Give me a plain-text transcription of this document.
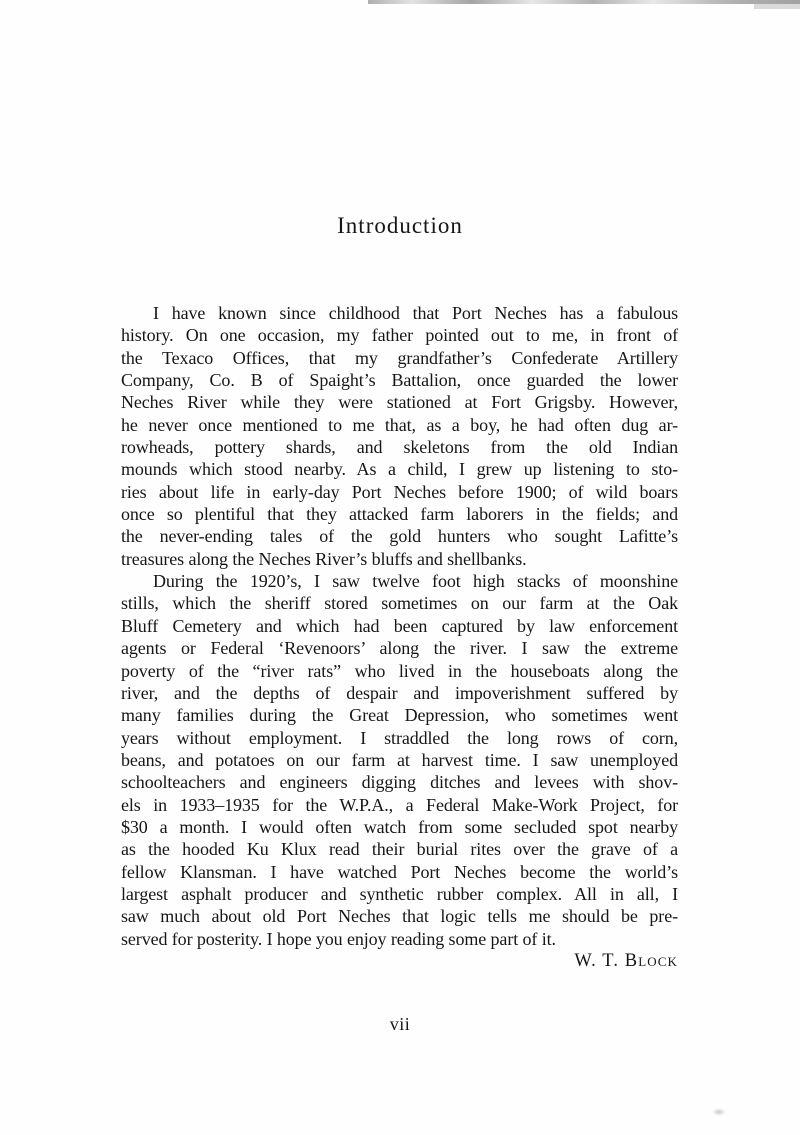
Introduction

I have known since childhood that Port Neches has a fabulous
history. On one occasion, my father pointed out to me, in front of
the Texaco Offices, that my grandfather’s Confederate Artillery
Company, Co. B of Spaight’s Battalion, once guarded the lower
Neches River while they were stationed at Fort Grigsby. However,
he never once mentioned to me that, as a boy, he had often dug ar-
rowheads, pottery shards, and skeletons from the old Indian
mounds which stood nearby. As a child, I grew up listening to sto-
ries about life in early-day Port Neches before 1900; of wild boars
once so plentiful that they attacked farm laborers in the fields; and
the never-ending tales of the gold hunters who sought Lafitte’s
treasures along the Neches River’s bluffs and shellbanks.

During the 1920’s, I saw twelve foot high stacks of moonshine
stills, which the sheriff stored sometimes on our farm at the Oak
Bluff Cemetery and which had been captured by law enforcement
agents or Federal ‘Revenoors’ along the river. I saw the extreme
poverty of the “river rats” who lived in the houseboats along the
river, and the depths of despair and impoverishment suffered by
many families during the Great Depression, who sometimes went
years without employment. I straddled the long rows of corn,
beans, and potatoes on our farm at harvest time. I saw unemployed
schoolteachers and engineers digging ditches and levees with shov-
els in 1933–1935 for the W.P.A., a Federal Make-Work Project, for
$30 a month. I would often watch from some secluded spot nearby
as the hooded Ku Klux read their burial rites over the grave of a
fellow Klansman. I have watched Port Neches become the world’s
largest asphalt producer and synthetic rubber complex. All in all, I
saw much about old Port Neches that logic tells me should be pre-
served for posterity. I hope you enjoy reading some part of it.

W. T. Block
vii
